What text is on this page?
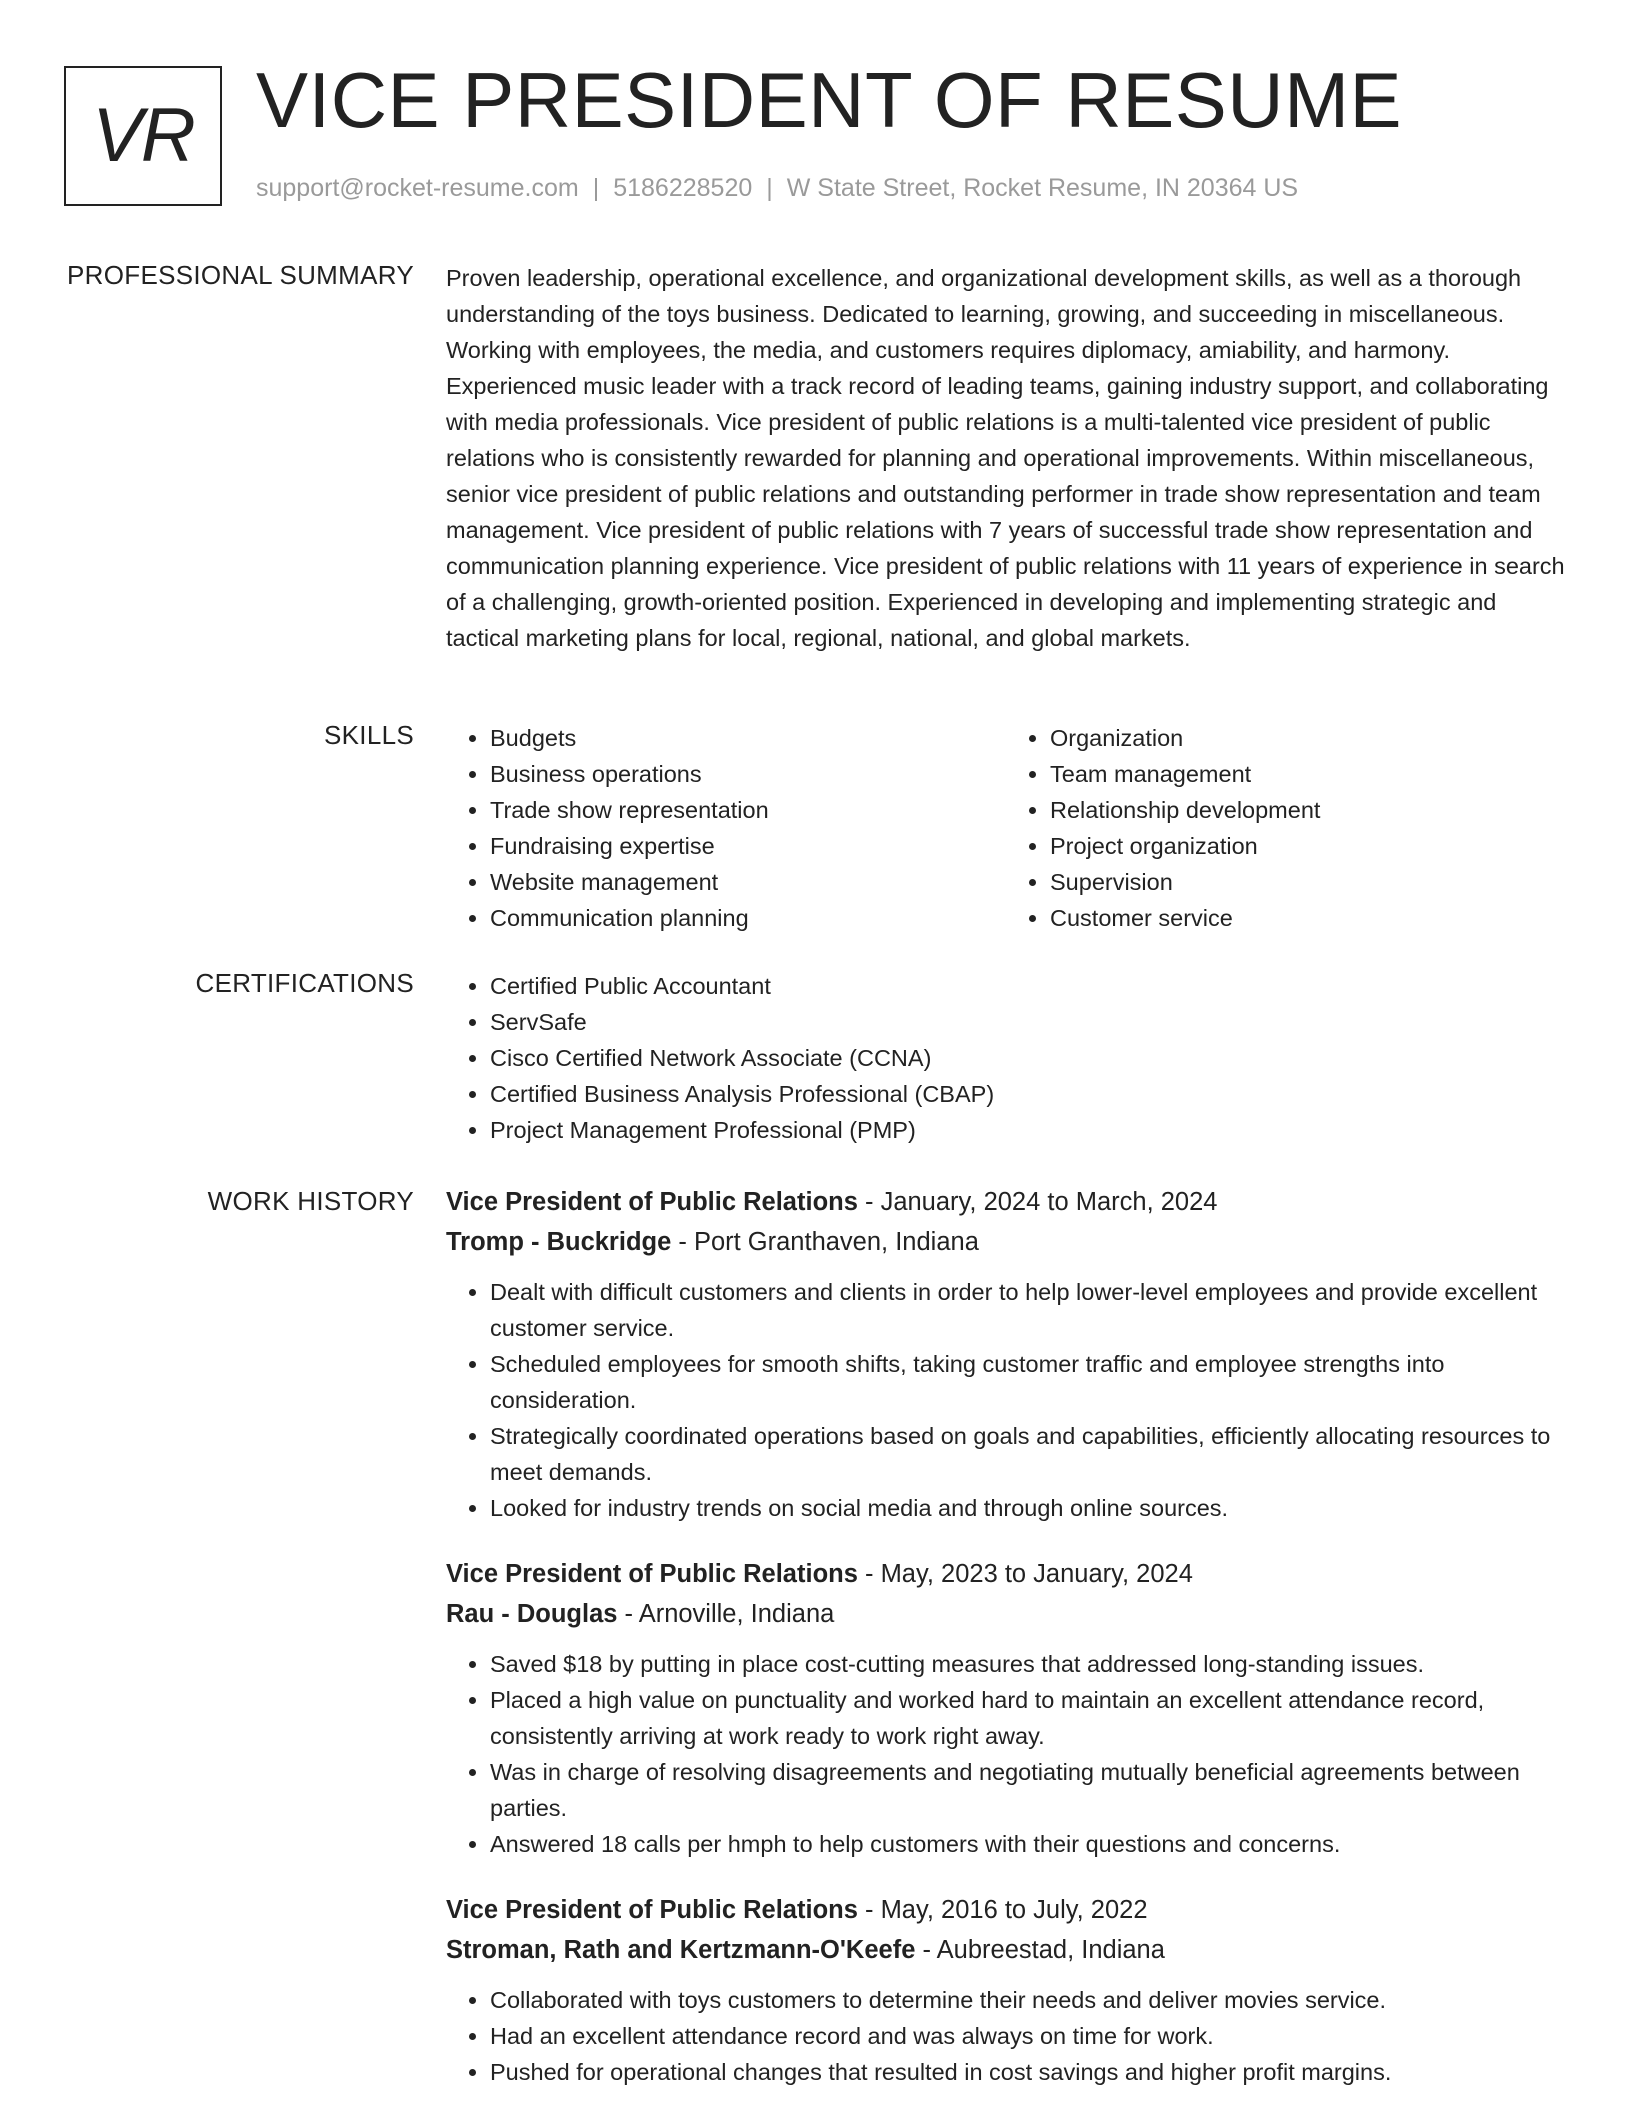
VR VICE PRESIDENT OF RESUME
support@rocket-resume.com | 5186228520 | W State Street, Rocket Resume, IN 20364 US
PROFESSIONAL SUMMARY Proven leadership, operational excellence, and organizational development skills, as well as a thorough understanding of the toys business. Dedicated to learning, growing, and succeeding in miscellaneous. Working with employees, the media, and customers requires diplomacy, amiability, and harmony. Experienced music leader with a track record of leading teams, gaining industry support, and collaborating with media professionals. Vice president of public relations is a multi-talented vice president of public relations who is consistently rewarded for planning and operational improvements. Within miscellaneous, senior vice president of public relations and outstanding performer in trade show representation and team management. Vice president of public relations with 7 years of successful trade show representation and communication planning experience. Vice president of public relations with 11 years of experience in search of a challenging, growth-oriented position. Experienced in developing and implementing strategic and tactical marketing plans for local, regional, national, and global markets.

SKILLS	• Budgets
• Business operations
• Trade show representation
• Fundraising expertise
• Website management
• Communication planning
• Organization
• Team management
• Relationship development
• Project organization
• Supervision
• Customer service
CERTIFICATIONS	• Certified Public Accountant
• ServSafe
• Cisco Certified Network Associate (CCNA)
• Certified Business Analysis Professional (CBAP)
• Project Management Professional (PMP)
WORK HISTORY Vice President of Public Relations - January, 2024 to March, 2024
Tromp - Buckridge - Port Granthaven, Indiana
• Dealt with difficult customers and clients in order to help lower-level employees and provide excellent customer service.
• Scheduled employees for smooth shifts, taking customer traffic and employee strengths into consideration.
• Strategically coordinated operations based on goals and capabilities, efficiently allocating resources to meet demands.
• Looked for industry trends on social media and through online sources.
Vice President of Public Relations - May, 2023 to January, 2024
Rau - Douglas - Arnoville, Indiana
• Saved $18 by putting in place cost-cutting measures that addressed long-standing issues.
• Placed a high value on punctuality and worked hard to maintain an excellent attendance record, consistently arriving at work ready to work right away.
• Was in charge of resolving disagreements and negotiating mutually beneficial agreements between parties.
• Answered 18 calls per hmph to help customers with their questions and concerns.
Vice President of Public Relations - May, 2016 to July, 2022
Stroman, Rath and Kertzmann-O'Keefe - Aubreestad, Indiana
• Collaborated with toys customers to determine their needs and deliver movies service.
• Had an excellent attendance record and was always on time for work.
• Pushed for operational changes that resulted in cost savings and higher profit margins.
